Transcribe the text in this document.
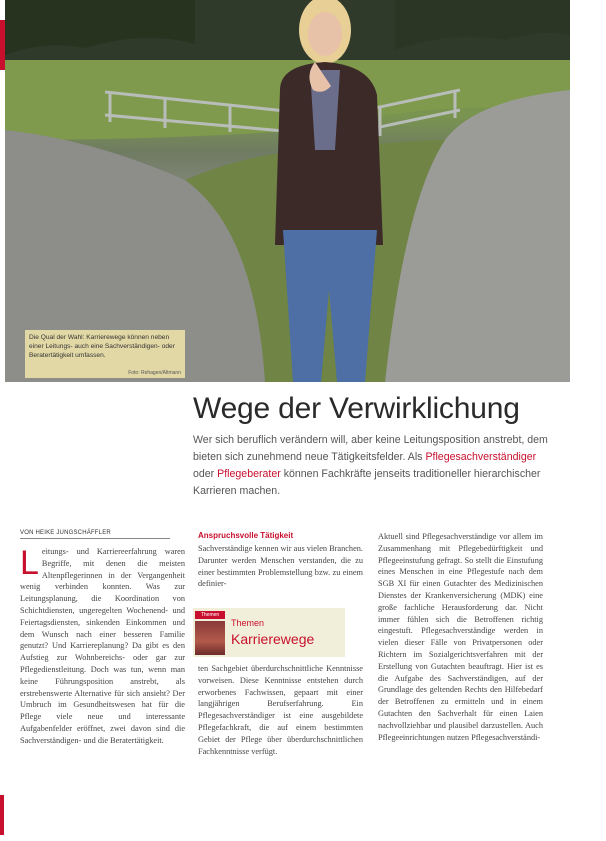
Die Qual der Wahl: Karrierewege können neben einer Leitungs- auch eine Sachverständigen- oder Beratertätigkeit umfassen.
Foto: Rehagen/Altmann
Wege der Verwirklichung
Wer sich beruflich verändern will, aber keine Leitungsposition anstrebt, dem bieten sich zunehmend neue Tätigkeitsfelder. Als Pflegesachverständiger oder Pflegeberater können Fachkräfte jenseits traditioneller hierarchischer Karrieren machen.
VON HEIKE JUNGSCHÄFFLER
L eitungs- und Karriereerfahrung waren Begriffe, mit denen die meisten Altenpflegerinnen in der Vergangenheit wenig verbinden konnten. Was zur Leitungsplanung, die Koordination von Schichtdiensten, ungeregelten Wochenend- und Feiertagsdiensten, sinkenden Einkommen und dem Wunsch nach einer besseren Familie genutzt? Und Karriereplanung? Da gibt es den Aufstieg zur Wohnbereichs- oder gar zur Pflegedienstleitung. Doch was tun, wenn man keine Führungsposition anstrebt, als erstrebenswerte Alternative für sich ansieht? Der Umbruch im Gesundheitswesen hat für die Pflege viele neue und interessante Aufgabenfelder eröffnet, zwei davon sind die Sachverständigen- und die Beratertätigkeit.
Anspruchsvolle Tätigkeit
Sachverständige kennen wir aus vielen Branchen. Darunter werden Menschen verstanden, die zu einer bestimmten Problemstellung bzw. zu einem definier-
Themen
Themen
Karrierewege
ten Sachgebiet überdurchschnittliche Kenntnisse vorweisen. Diese Kenntnisse entstehen durch erworbenes Fachwissen, gepaart mit einer langjährigen Berufserfahrung. Ein Pflegesachverständiger ist eine ausgebildete Pflegefachkraft, die auf einem bestimmten Gebiet der Pflege über überdurchschnittlichen Fachkenntnisse verfügt.
Aktuell sind Pflegesachverständige vor allem im Zusammenhang mit Pflegebedürftigkeit und Pflegeeinstufung gefragt. So stellt die Einstufung eines Menschen in eine Pflegestufe nach dem SGB XI für einen Gutachter des Medizinischen Dienstes der Krankenversicherung (MDK) eine große fachliche Herausforderung dar. Nicht immer fühlen sich die Betroffenen richtig eingestuft. Pflegesachverständige werden in vielen dieser Fälle von Privatpersonen oder Richtern im Sozialgerichtsverfahren mit der Erstellung von Gutachten beauftragt. Hier ist es die Aufgabe des Sachverständigen, auf der Grundlage des geltenden Rechts den Hilfebedarf der Betroffenen zu ermitteln und in einem Gutachten den Sachverhalt für einen Laien nachvollziehbar und plausibel darzustellen. Auch Pflegeeinrichtungen nutzen Pflegesachverständi-
